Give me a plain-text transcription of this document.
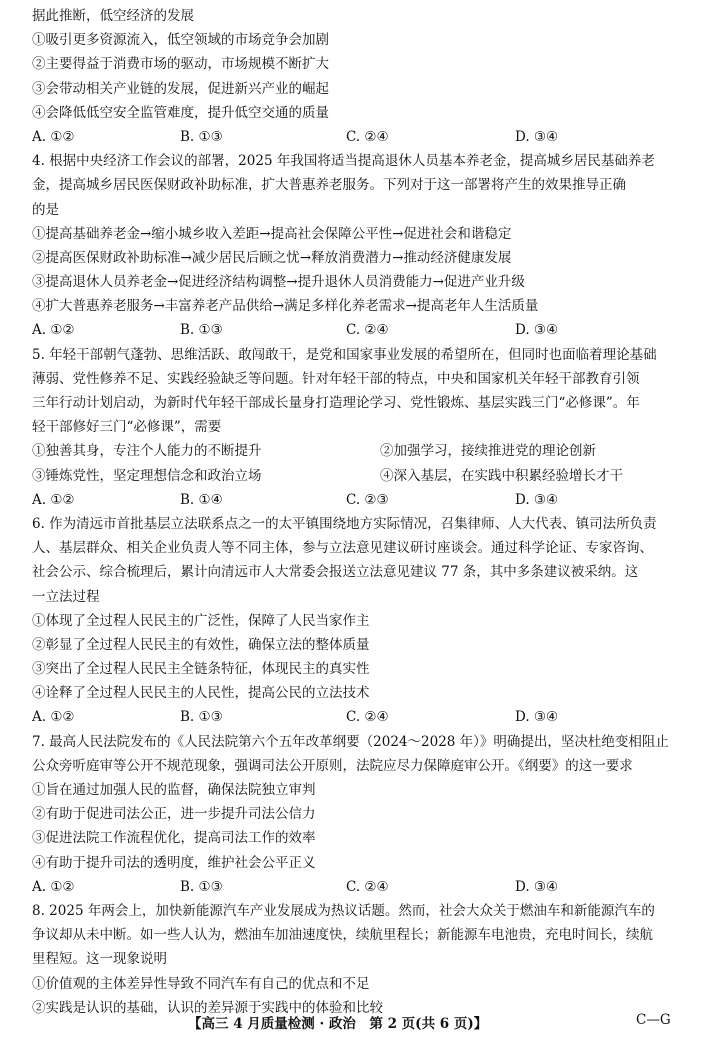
据此推断，低空经济的发展
①吸引更多资源流入，低空领域的市场竞争会加剧
②主要得益于消费市场的驱动，市场规模不断扩大
③会带动相关产业链的发展，促进新兴产业的崛起
④会降低低空安全监管难度，提升低空交通的质量
A. ①②	B. ①③	C. ②④	D. ③④
4. 根据中央经济工作会议的部署，2025 年我国将适当提高退休人员基本养老金，提高城乡居民基础养老
金，提高城乡居民医保财政补助标准，扩大普惠养老服务。下列对于这一部署将产生的效果推导正确
的是
①提高基础养老金→缩小城乡收入差距→提高社会保障公平性→促进社会和谐稳定
②提高医保财政补助标准→减少居民后顾之忧→释放消费潜力→推动经济健康发展
③提高退休人员养老金→促进经济结构调整→提升退休人员消费能力→促进产业升级
④扩大普惠养老服务→丰富养老产品供给→满足多样化养老需求→提高老年人生活质量
A. ①②	B. ①③	C. ②④	D. ③④
5. 年轻干部朝气蓬勃、思维活跃、敢闯敢干，是党和国家事业发展的希望所在，但同时也面临着理论基础
薄弱、党性修养不足、实践经验缺乏等问题。针对年轻干部的特点，中央和国家机关年轻干部教育引领
三年行动计划启动，为新时代年轻干部成长量身打造理论学习、党性锻炼、基层实践三门“必修课”。年
轻干部修好三门“必修课”，需要
①独善其身，专注个人能力的不断提升	②加强学习，接续推进党的理论创新
③锤炼党性，坚定理想信念和政治立场	④深入基层，在实践中积累经验增长才干
A. ①②	B. ①④	C. ②③	D. ③④
6. 作为清远市首批基层立法联系点之一的太平镇围绕地方实际情况，召集律师、人大代表、镇司法所负责
人、基层群众、相关企业负责人等不同主体，参与立法意见建议研讨座谈会。通过科学论证、专家咨询、
社会公示、综合梳理后，累计向清远市人大常委会报送立法意见建议 77 条，其中多条建议被采纳。这
一立法过程
①体现了全过程人民民主的广泛性，保障了人民当家作主
②彰显了全过程人民民主的有效性，确保立法的整体质量
③突出了全过程人民民主全链条特征，体现民主的真实性
④诠释了全过程人民民主的人民性，提高公民的立法技术
A. ①②	B. ①③	C. ②④	D. ③④
7. 最高人民法院发布的《人民法院第六个五年改革纲要（2024～2028 年）》明确提出，坚决杜绝变相阻止
公众旁听庭审等公开不规范现象，强调司法公开原则，法院应尽力保障庭审公开。《纲要》的这一要求
①旨在通过加强人民的监督，确保法院独立审判
②有助于促进司法公正，进一步提升司法公信力
③促进法院工作流程优化，提高司法工作的效率
④有助于提升司法的透明度，维护社会公平正义
A. ①②	B. ①③	C. ②④	D. ③④
8. 2025 年两会上，加快新能源汽车产业发展成为热议话题。然而，社会大众关于燃油车和新能源汽车的
争议却从未中断。如一些人认为，燃油车加油速度快，续航里程长；新能源车电池贵，充电时间长，续航
里程短。这一现象说明
①价值观的主体差异性导致不同汽车有自己的优点和不足
②实践是认识的基础，认识的差异源于实践中的体验和比较
【高三 4 月质量检测 · 政治　第 2 页(共 6 页)】	C—G
